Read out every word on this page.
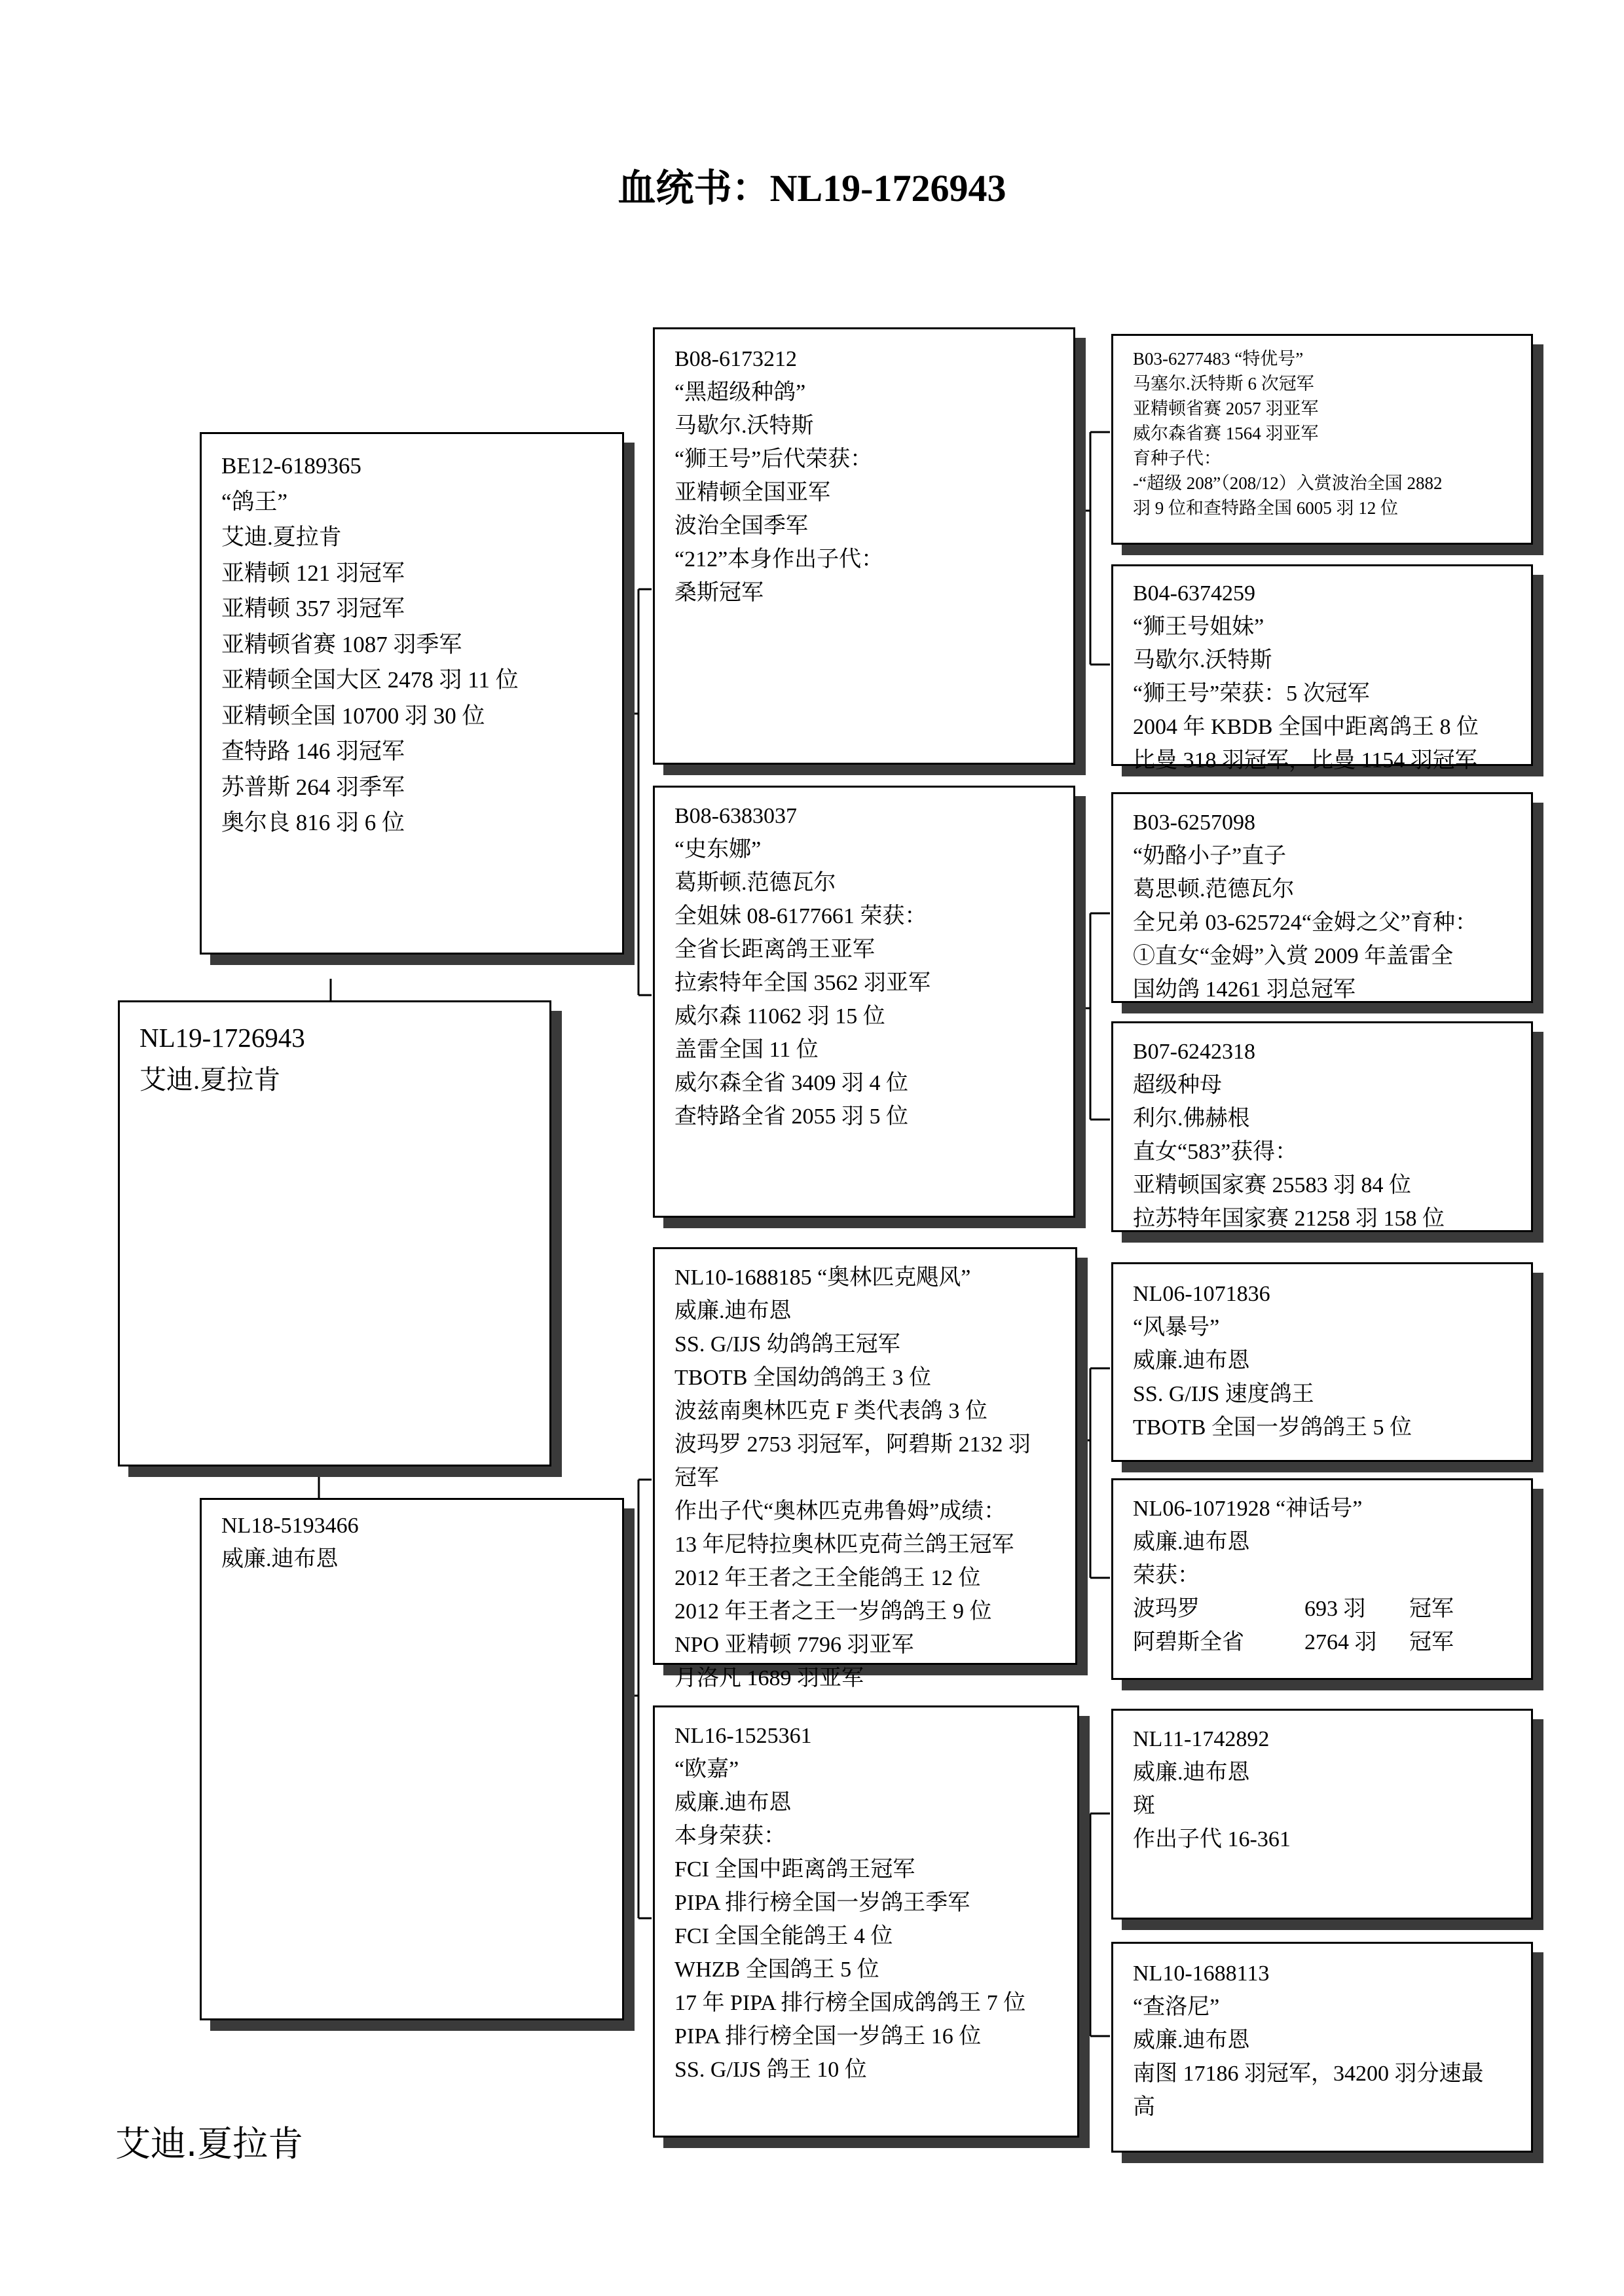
血统书：NL19-1726943
NL19-1726943
艾迪.夏拉肯
BE12-6189365
“鸽王”
艾迪.夏拉肯
亚精顿 121 羽冠军
亚精顿 357 羽冠军
亚精顿省赛 1087 羽季军
亚精顿全国大区 2478 羽 11 位
亚精顿全国 10700 羽 30 位
查特路 146 羽冠军
苏普斯 264 羽季军
奥尔良 816 羽 6 位
NL18-5193466
威廉.迪布恩
B08-6173212
“黑超级种鸽”
马歇尔.沃特斯
“狮王号”后代荣获：
亚精顿全国亚军
波治全国季军
“212”本身作出子代：
桑斯冠军
B08-6383037
“史东娜”
葛斯顿.范德瓦尔
全姐妹 08-6177661 荣获：
全省长距离鸽王亚军
拉索特年全国 3562 羽亚军
威尔森 11062 羽 15 位
盖雷全国 11 位
威尔森全省 3409 羽 4 位
查特路全省 2055 羽 5 位
NL10-1688185 “奥林匹克飓风”
威廉.迪布恩
SS. G/IJS 幼鸽鸽王冠军
TBOTB 全国幼鸽鸽王 3 位
波兹南奥林匹克 F 类代表鸽 3 位
波玛罗 2753 羽冠军，阿碧斯 2132 羽
冠军
作出子代“奥林匹克弗鲁姆”成绩：
13 年尼特拉奥林匹克荷兰鸽王冠军
2012 年王者之王全能鸽王 12 位
2012 年王者之王一岁鸽鸽王 9 位
NPO 亚精顿 7796 羽亚军
月洛凡 1689 羽亚军
NL16-1525361
“欧嘉”
威廉.迪布恩
本身荣获：
FCI 全国中距离鸽王冠军
PIPA 排行榜全国一岁鸽王季军
FCI 全国全能鸽王 4 位
WHZB 全国鸽王 5 位
17 年 PIPA 排行榜全国成鸽鸽王 7 位
PIPA 排行榜全国一岁鸽王 16 位
SS. G/IJS 鸽王 10 位
B03-6277483 “特优号”
马塞尔.沃特斯 6 次冠军
亚精顿省赛 2057 羽亚军
威尔森省赛 1564 羽亚军
育种子代：
-“超级 208”（208/12）入赏波治全国 2882
羽 9 位和查特路全国 6005 羽 12 位
B04-6374259
“狮王号姐妹”
马歇尔.沃特斯
“狮王号”荣获：5 次冠军
2004 年 KBDB 全国中距离鸽王 8 位
比曼 318 羽冠军，比曼 1154 羽冠军
B03-6257098
“奶酪小子”直子
葛思顿.范德瓦尔
全兄弟 03-625724“金姆之父”育种：
①直女“金姆”入赏 2009 年盖雷全
国幼鸽 14261 羽总冠军
B07-6242318
超级种母
利尔.佛赫根
直女“583”获得：
亚精顿国家赛 25583 羽 84 位
拉苏特年国家赛 21258 羽 158 位
NL06-1071836
“风暴号”
威廉.迪布恩
SS. G/IJS 速度鸽王
TBOTB 全国一岁鸽鸽王 5 位
NL06-1071928 “神话号”
威廉.迪布恩
荣获：
波玛罗	693 羽 冠军
阿碧斯全省	2764 羽 冠军
NL11-1742892
威廉.迪布恩
斑
作出子代 16-361
NL10-1688113
“查洛尼”
威廉.迪布恩
南图 17186 羽冠军，34200 羽分速最
高
艾迪.夏拉肯
